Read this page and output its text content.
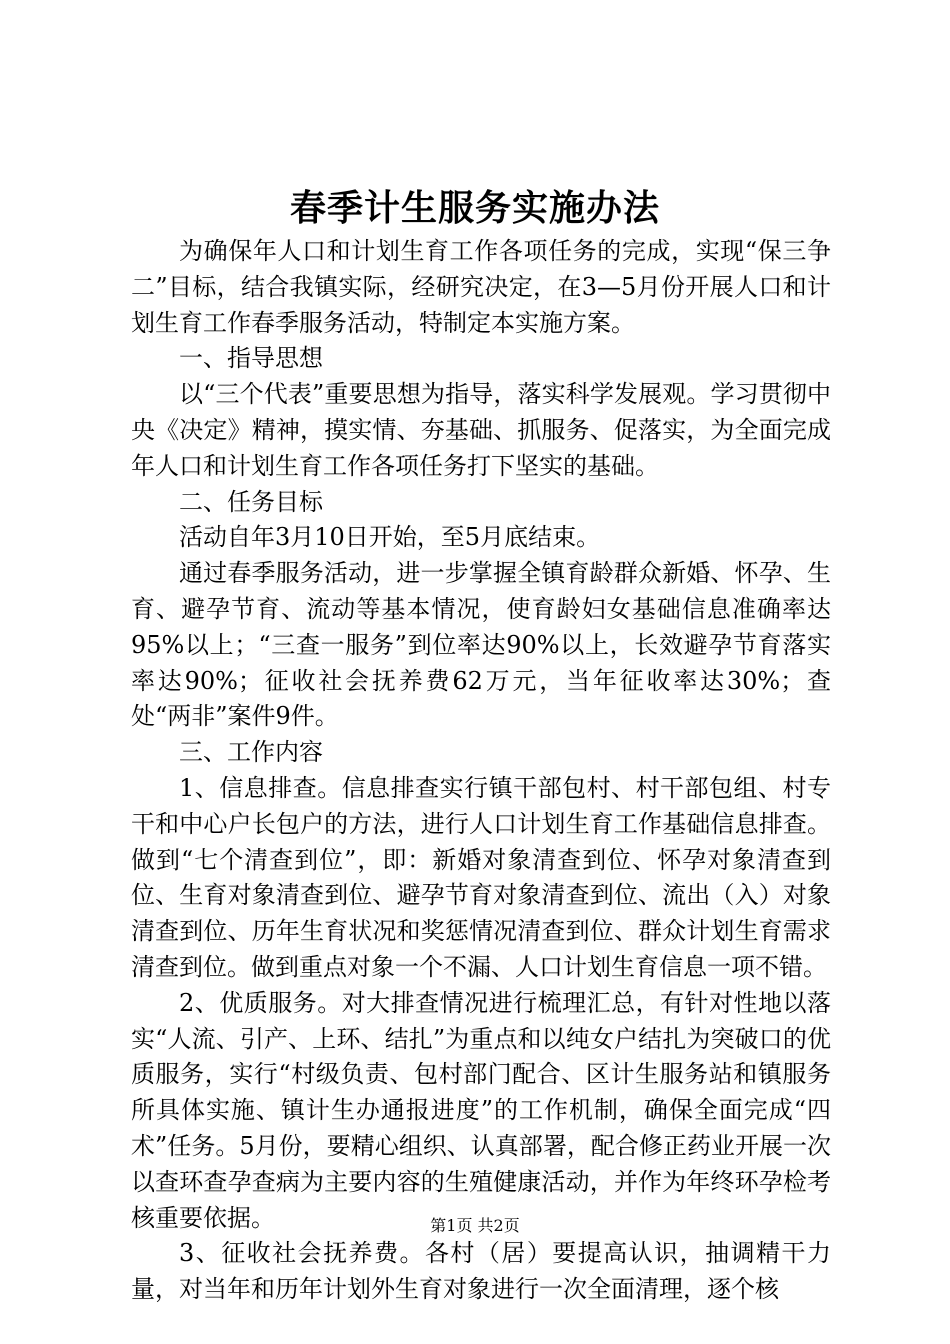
春季计生服务实施办法

为确保年人口和计划生育工作各项任务的完成，实现“保三争二”目标，结合我镇实际，经研究决定，在3—5月份开展人口和计划生育工作春季服务活动，特制定本实施方案。

一、指导思想

以“三个代表”重要思想为指导，落实科学发展观。学习贯彻中央《决定》精神，摸实情、夯基础、抓服务、促落实，为全面完成年人口和计划生育工作各项任务打下坚实的基础。

二、任务目标

活动自年3月10日开始，至5月底结束。

通过春季服务活动，进一步掌握全镇育龄群众新婚、怀孕、生育、避孕节育、流动等基本情况，使育龄妇女基础信息准确率达95%以上；“三查一服务”到位率达90%以上，长效避孕节育落实率达90%；征收社会抚养费62万元，当年征收率达30%；查处“两非”案件9件。

三、工作内容

1、信息排查。信息排查实行镇干部包村、村干部包组、村专干和中心户长包户的方法，进行人口计划生育工作基础信息排查。做到“七个清查到位”，即：新婚对象清查到位、怀孕对象清查到位、生育对象清查到位、避孕节育对象清查到位、流出（入）对象清查到位、历年生育状况和奖惩情况清查到位、群众计划生育需求清查到位。做到重点对象一个不漏、人口计划生育信息一项不错。

2、优质服务。对大排查情况进行梳理汇总，有针对性地以落实“人流、引产、上环、结扎”为重点和以纯女户结扎为突破口的优质服务，实行“村级负责、包村部门配合、区计生服务站和镇服务所具体实施、镇计生办通报进度”的工作机制，确保全面完成“四术”任务。5月份，要精心组织、认真部署，配合修正药业开展一次以查环查孕查病为主要内容的生殖健康活动，并作为年终环孕检考核重要依据。

3、征收社会抚养费。各村（居）要提高认识，抽调精干力量，对当年和历年计划外生育对象进行一次全面清理，逐个核

第1页 共2页
